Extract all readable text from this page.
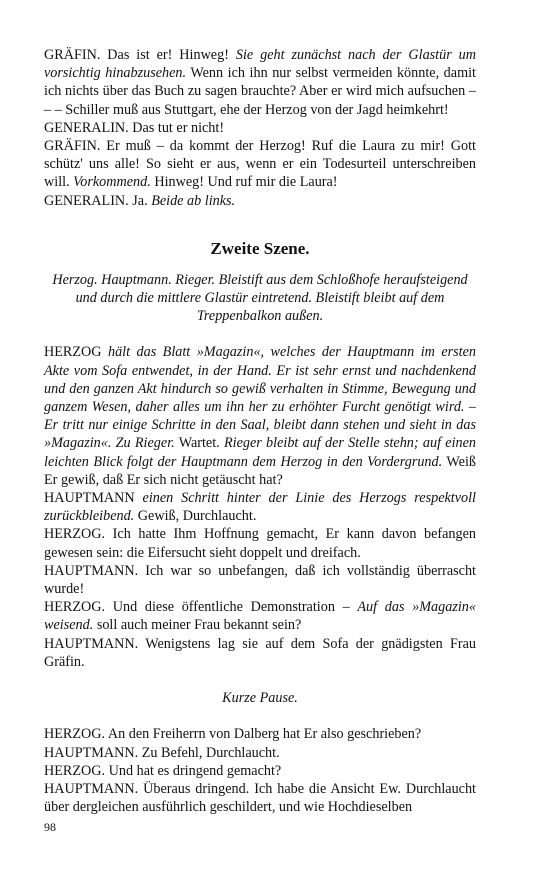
GRÄFIN. Das ist er! Hinweg! Sie geht zunächst nach der Glastür um vorsichtig hinabzusehen. Wenn ich ihn nur selbst vermeiden könnte, damit ich nichts über das Buch zu sagen brauchte? Aber er wird mich aufsuchen – – – Schiller muß aus Stuttgart, ehe der Herzog von der Jagd heimkehrt!

GENERALIN. Das tut er nicht!

GRÄFIN. Er muß – da kommt der Herzog! Ruf die Laura zu mir! Gott schütz' uns alle! So sieht er aus, wenn er ein Todesurteil unterschreiben will. Vorkommend. Hinweg! Und ruf mir die Laura!

GENERALIN. Ja. Beide ab links.

Zweite Szene.

Herzog. Hauptmann. Rieger. Bleistift aus dem Schloßhofe heraufsteigend und durch die mittlere Glastür eintretend. Bleistift bleibt auf dem Treppenbalkon außen.

HERZOG hält das Blatt »Magazin«, welches der Hauptmann im ersten Akte vom Sofa entwendet, in der Hand. Er ist sehr ernst und nachdenkend und den ganzen Akt hindurch so gewiß verhalten in Stimme, Bewegung und ganzem Wesen, daher alles um ihn her zu erhöhter Furcht genötigt wird. – Er tritt nur einige Schritte in den Saal, bleibt dann stehen und sieht in das »Magazin«. Zu Rieger. Wartet. Rieger bleibt auf der Stelle stehn; auf einen leichten Blick folgt der Hauptmann dem Herzog in den Vordergrund. Weiß Er gewiß, daß Er sich nicht getäuscht hat?

HAUPTMANN einen Schritt hinter der Linie des Herzogs respektvoll zurückbleibend. Gewiß, Durchlaucht.

HERZOG. Ich hatte Ihm Hoffnung gemacht, Er kann davon befangen gewesen sein: die Eifersucht sieht doppelt und dreifach.

HAUPTMANN. Ich war so unbefangen, daß ich vollständig überrascht wurde!

HERZOG. Und diese öffentliche Demonstration – Auf das »Magazin« weisend. soll auch meiner Frau bekannt sein?

HAUPTMANN. Wenigstens lag sie auf dem Sofa der gnädigsten Frau Gräfin.

Kurze Pause.

HERZOG. An den Freiherrn von Dalberg hat Er also geschrieben?

HAUPTMANN. Zu Befehl, Durchlaucht.

HERZOG. Und hat es dringend gemacht?

HAUPTMANN. Überaus dringend. Ich habe die Ansicht Ew. Durchlaucht über dergleichen ausführlich geschildert, und wie Hochdieselben

98
